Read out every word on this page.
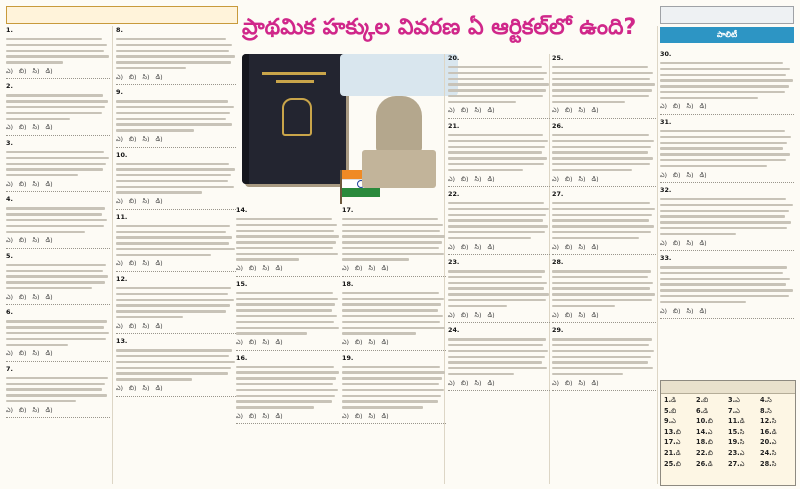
ప్రాథమిక హక్కుల వివరణ ఏ ఆర్టికల్‌లో ఉంది?	పాలిటీ
1.
ఎ) బి) సి) డి)
2.
ఎ) బి) సి) డి)
3.
ఎ) బి) సి) డి)
4.
ఎ) బి) సి) డి)
5.
ఎ) బి) సి) డి)
6.
ఎ) బి) సి) డి)
7.
ఎ) బి) సి) డి)
8.
ఎ) బి) సి) డి)
9.
ఎ) బి) సి) డి)
10.
ఎ) బి) సి) డి)
11.
ఎ) బి) సి) డి)
12.
ఎ) బి) సి) డి)
13.
ఎ) బి) సి) డి)
14.
ఎ) బి) సి) డి)
15.
ఎ) బి) సి) డి)
16.
ఎ) బి) సి) డి)
17.
ఎ) బి) సి) డి)
18.
ఎ) బి) సి) డి)
19.
ఎ) బి) సి) డి)
20.
ఎ) బి) సి) డి)
21.
ఎ) బి) సి) డి)
22.
ఎ) బి) సి) డి)
23.
ఎ) బి) సి) డి)
24.
ఎ) బి) సి) డి)
25.
ఎ) బి) సి) డి)
26.
ఎ) బి) సి) డి)
27.
ఎ) బి) సి) డి)
28.
ఎ) బి) సి) డి)
29.
ఎ) బి) సి) డి)
30.
ఎ) బి) సి) డి)
31.
ఎ) బి) సి) డి)
32.
ఎ) బి) సి) డి)
33.
ఎ) బి) సి) డి)
1.డి	2.బి	3.ఎ	4.సి
5.బి	6.డి	7.ఎ	8.సి
9.ఎ	10.బి	11.డి	12.సి
13.బి	14.ఎ	15.సి	16.డి
17.ఎ	18.బి	19.సి	20.ఎ
21.డి	22.బి	23.ఎ	24.సి
25.బి	26.డి	27.ఎ	28.సి
